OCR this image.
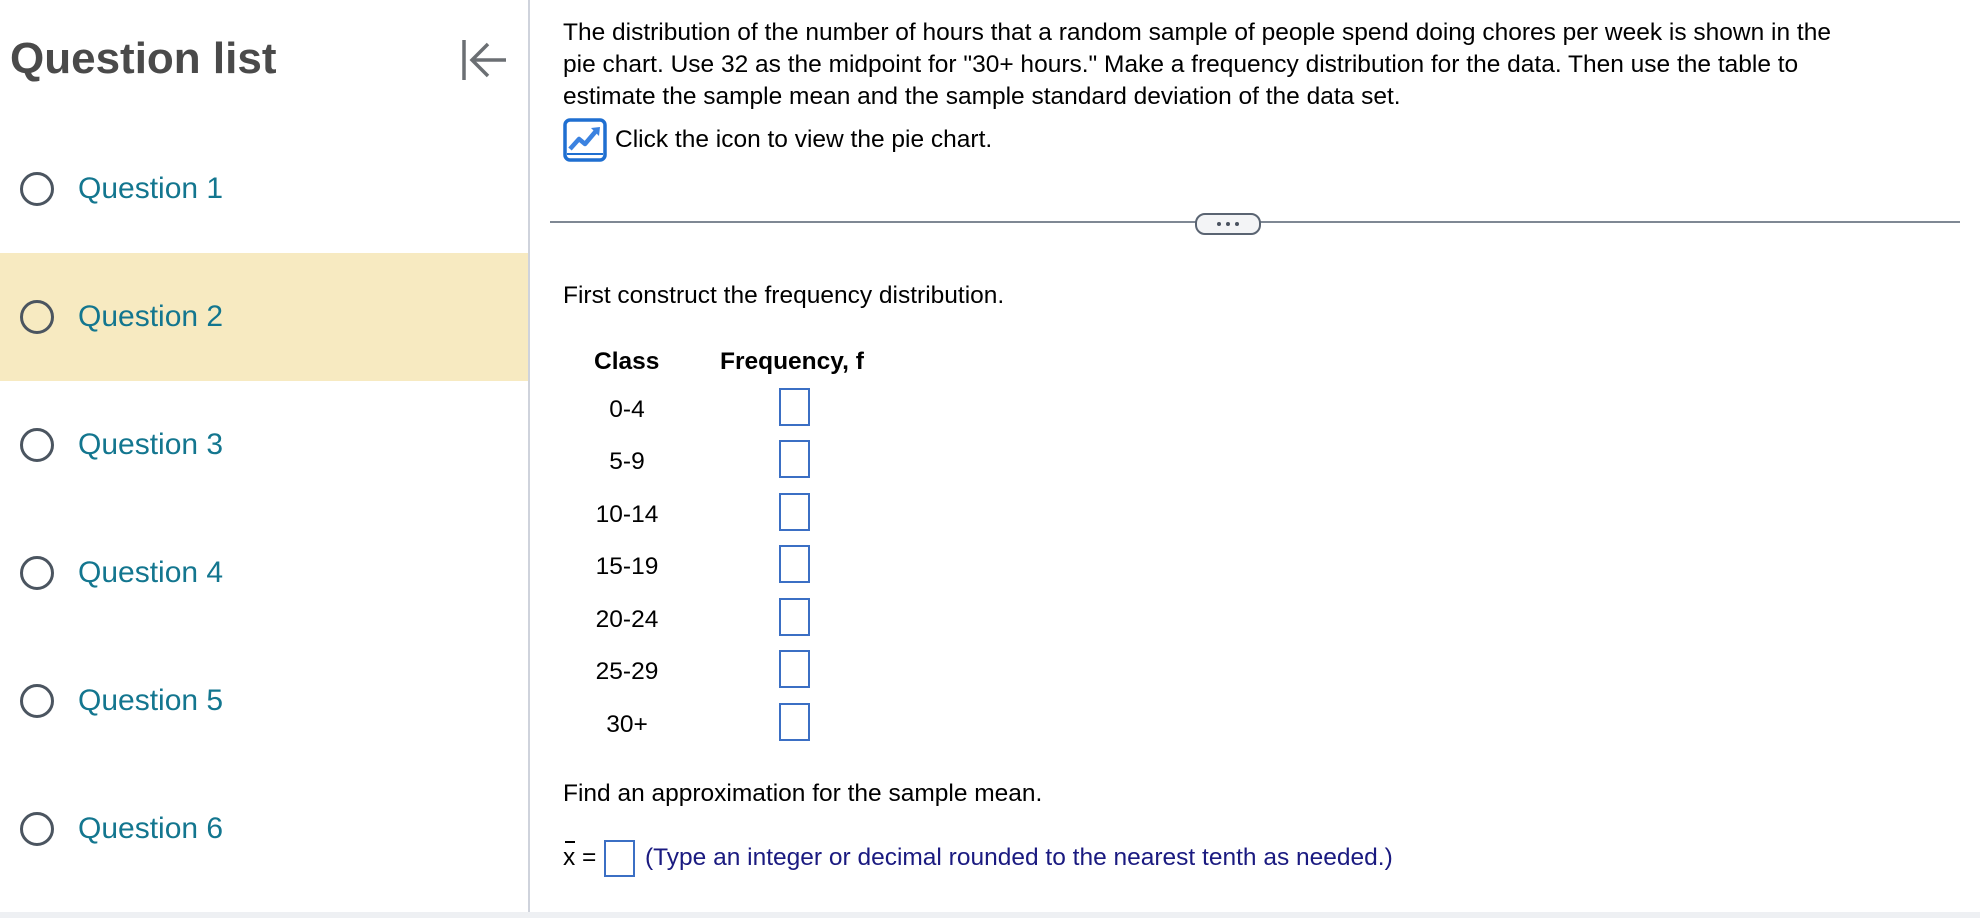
Question list
Question 1
Question 2
Question 3
Question 4
Question 5
Question 6
The distribution of the number of hours that a random sample of people spend doing chores per week is shown in the
pie chart. Use 32 as the midpoint for "30+ hours." Make a frequency distribution for the data. Then use the table to
estimate the sample mean and the sample standard deviation of the data set.
Click the icon to view the pie chart.
First construct the frequency distribution.
Class Frequency, f
0-4
5-9
10-14
15-19
20-24
25-29
30+
Find an approximation for the sample mean.
x = (Type an integer or decimal rounded to the nearest tenth as needed.)
